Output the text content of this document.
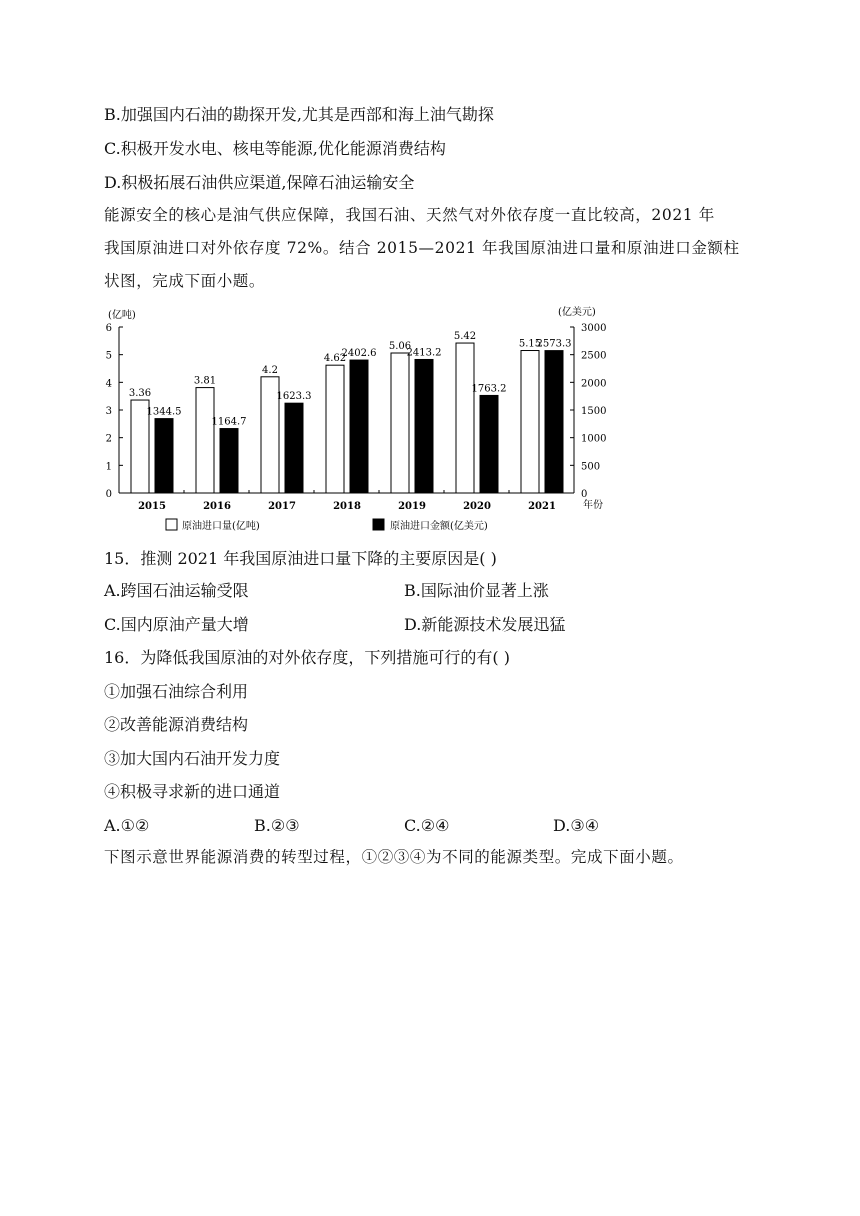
B.加强国内石油的勘探开发,尤其是西部和海上油气勘探
C.积极开发水电、核电等能源,优化能源消费结构
D.积极拓展石油供应渠道,保障石油运输安全
能源安全的核心是油气供应保障，我国石油、天然气对外依存度一直比较高，2021 年
我国原油进口对外依存度 72%。结合 2015—2021 年我国原油进口量和原油进口金额柱
状图，完成下面小题。
0
1
2
3
4
5
6
0
500
1000
1500
2000
2500
3000
(亿吨)	(亿美元)
年份
2015
3.36
1344.5
2016
3.81
1164.7
2017
4.2
1623.3
2018
4.62
2402.6
2019
5.06
2413.2
2020
5.42
1763.2
2021
5.15
2573.3
原油进口量(亿吨)	原油进口金额(亿美元)
15．推测 2021 年我国原油进口量下降的主要原因是( )
A.跨国石油运输受限	B.国际油价显著上涨
C.国内原油产量大增	D.新能源技术发展迅猛
16．为降低我国原油的对外依存度，下列措施可行的有( )
①加强石油综合利用
②改善能源消费结构
③加大国内石油开发力度
④积极寻求新的进口通道
A.①②	B.②③	C.②④	D.③④
下图示意世界能源消费的转型过程，①②③④为不同的能源类型。完成下面小题。
